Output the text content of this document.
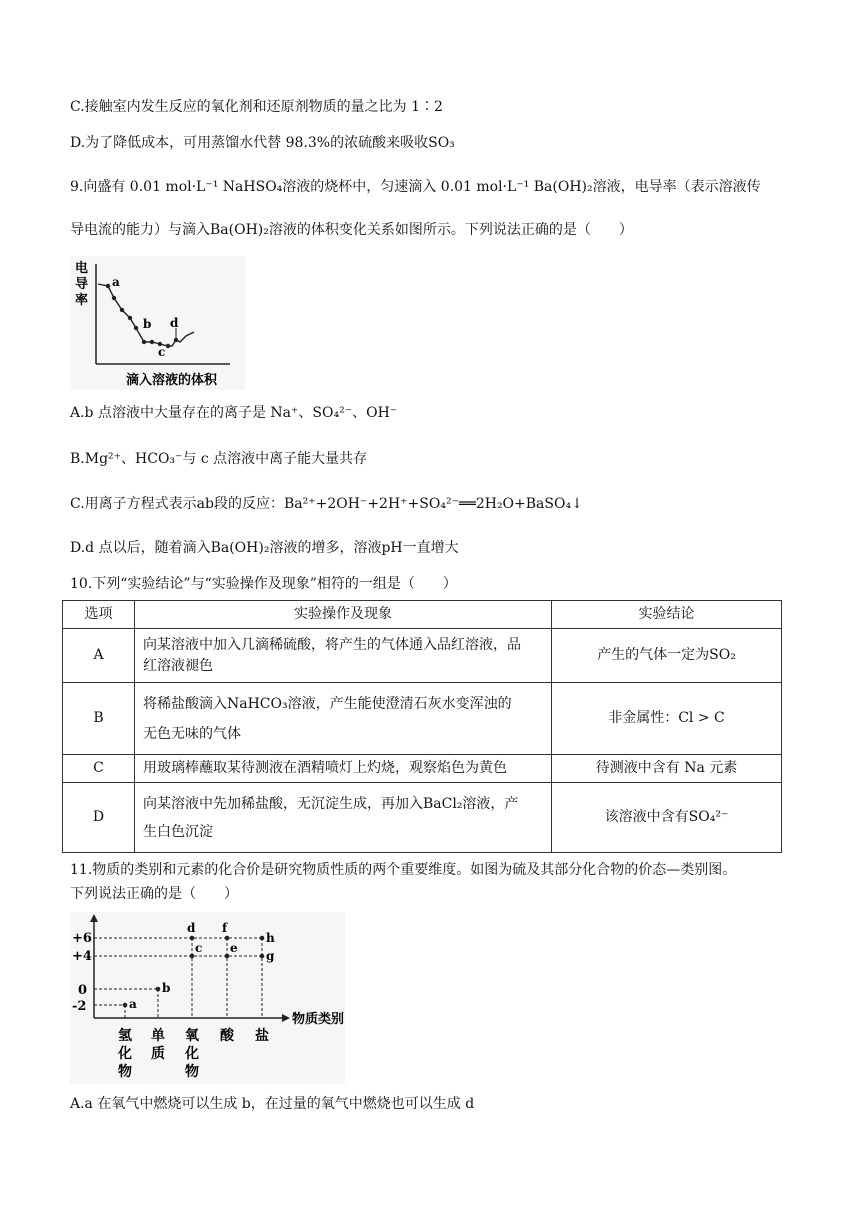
C.接触室内发生反应的氧化剂和还原剂物质的量之比为 1∶2
D.为了降低成本，可用蒸馏水代替 98.3%的浓硫酸来吸收SO₃
9.向盛有 0.01 mol·L⁻¹ NaHSO₄溶液的烧杯中，匀速滴入 0.01 mol·L⁻¹ Ba(OH)₂溶液，电导率（表示溶液传
导电流的能力）与滴入Ba(OH)₂溶液的体积变化关系如图所示。下列说法正确的是（　　）
电
导
率
a
b
c
d
滴入溶液的体积
A.b 点溶液中大量存在的离子是 Na⁺、SO₄²⁻、OH⁻
B.Mg²⁺、HCO₃⁻与 c 点溶液中离子能大量共存
C.用离子方程式表示ab段的反应：Ba²⁺+2OH⁻+2H⁺+SO₄²⁻══2H₂O+BaSO₄↓
D.d 点以后，随着滴入Ba(OH)₂溶液的增多，溶液pH一直增大
10.下列“实验结论”与“实验操作及现象”相符的一组是（　　）
选项	实验操作及现象	实验结论
A	向某溶液中加入几滴稀硫酸，将产生的气体通入品红溶液，品
红溶液褪色	产生的气体一定为SO₂
B	将稀盐酸滴入NaHCO₃溶液，产生能使澄清石灰水变浑浊的
无色无味的气体	非金属性：Cl > C
C	用玻璃棒蘸取某待测液在酒精喷灯上灼烧，观察焰色为黄色	待测液中含有 Na 元素
D	向某溶液中先加稀盐酸，无沉淀生成，再加入BaCl₂溶液，产
生白色沉淀	该溶液中含有SO₄²⁻
11.物质的类别和元素的化合价是研究物质性质的两个重要维度。如图为硫及其部分化合物的价态—类别图。
下列说法正确的是（　　）
+6
+4
0
-2	a
b
c
d
e
f
g
h
物质类别
氢
化
物
单
质
氧
化
物
酸 盐
A.a 在氧气中燃烧可以生成 b，在过量的氧气中燃烧也可以生成 d
